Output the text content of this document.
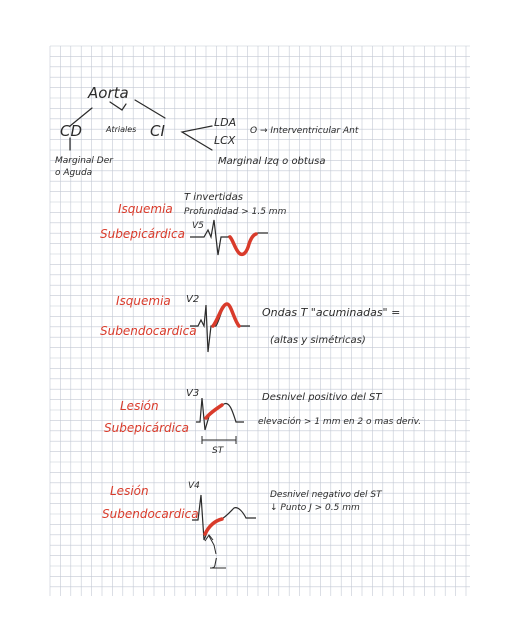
Aorta
CD	Atriales CI	LDA
LCX
O → Interventricular Ant
Marginal Izq o obtusa
Marginal Der
o Aguda
Isquemia
Subepicárdica
T invertidas
Profundidad > 1.5 mm
V5
Isquemia
Subendocardica
V2
Ondas T "acuminadas" =
(altas y simétricas)
Lesión
Subepicárdica
V3	Desnivel positivo del ST
elevación > 1 mm en 2 o mas deriv.
ST
Lesión
Subendocardica
V4
Desnivel negativo del ST
↓ Punto J > 0.5 mm
J
